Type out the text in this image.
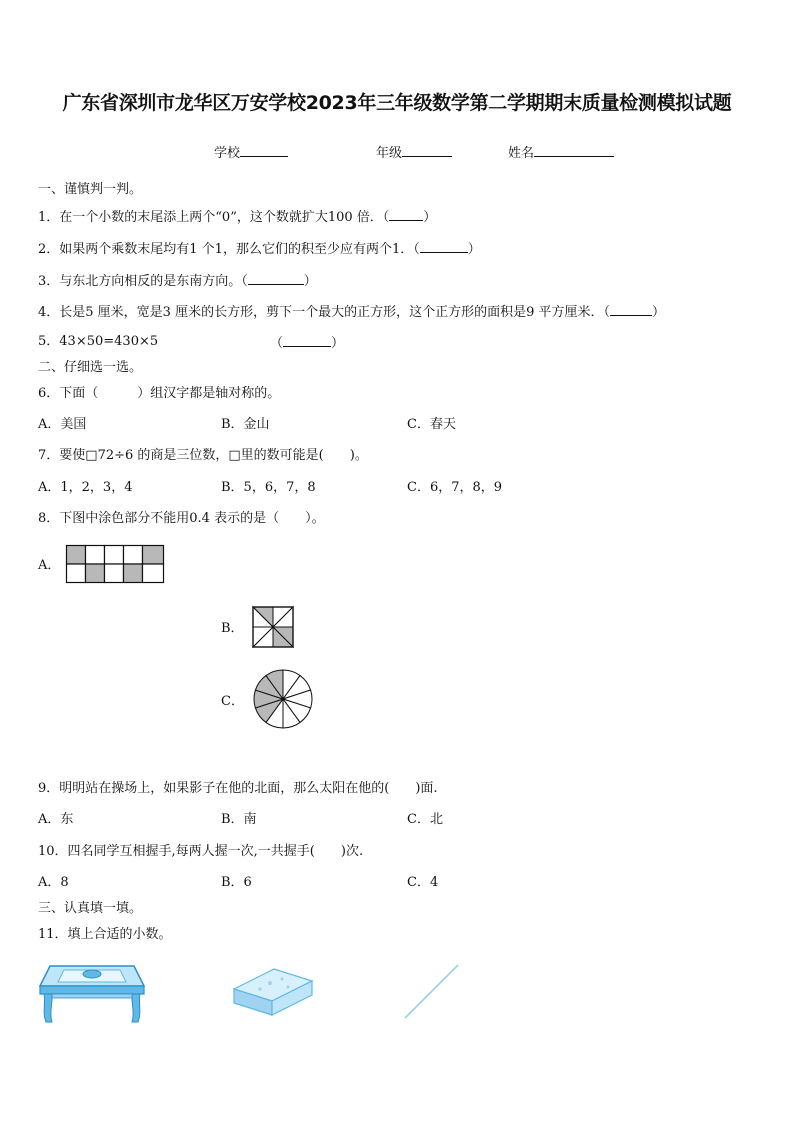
广东省深圳市龙华区万安学校2023年三年级数学第二学期期末质量检测模拟试题
学校	年级	姓名
一、谨慎判一判。
1．在一个小数的末尾添上两个“0”，这个数就扩大100 倍．（	）
2．如果两个乘数末尾均有1 个1，那么它们的积至少应有两个1．（	）
3．与东北方向相反的是东南方向。（	）
4．长是5 厘米，宽是3 厘米的长方形，剪下一个最大的正方形，这个正方形的面积是9 平方厘米．（	）
5．43×50=430×5	（	）
二、仔细选一选。
6．下面（　　　）组汉字都是轴对称的。
A．美国	B．金山	C．春天
7．要使□72÷6 的商是三位数，□里的数可能是(　　)。
A．1，2，3，4	B．5，6，7，8	C．6，7，8，9
8．下图中涂色部分不能用0.4 表示的是（　　）。
A．
B．
C．
9．明明站在操场上，如果影子在他的北面，那么太阳在他的(　　)面.
A．东	B．南	C．北
10．四名同学互相握手,每两人握一次,一共握手(　　)次.
A．8	B．6	C．4
三、认真填一填。
11．填上合适的小数。
